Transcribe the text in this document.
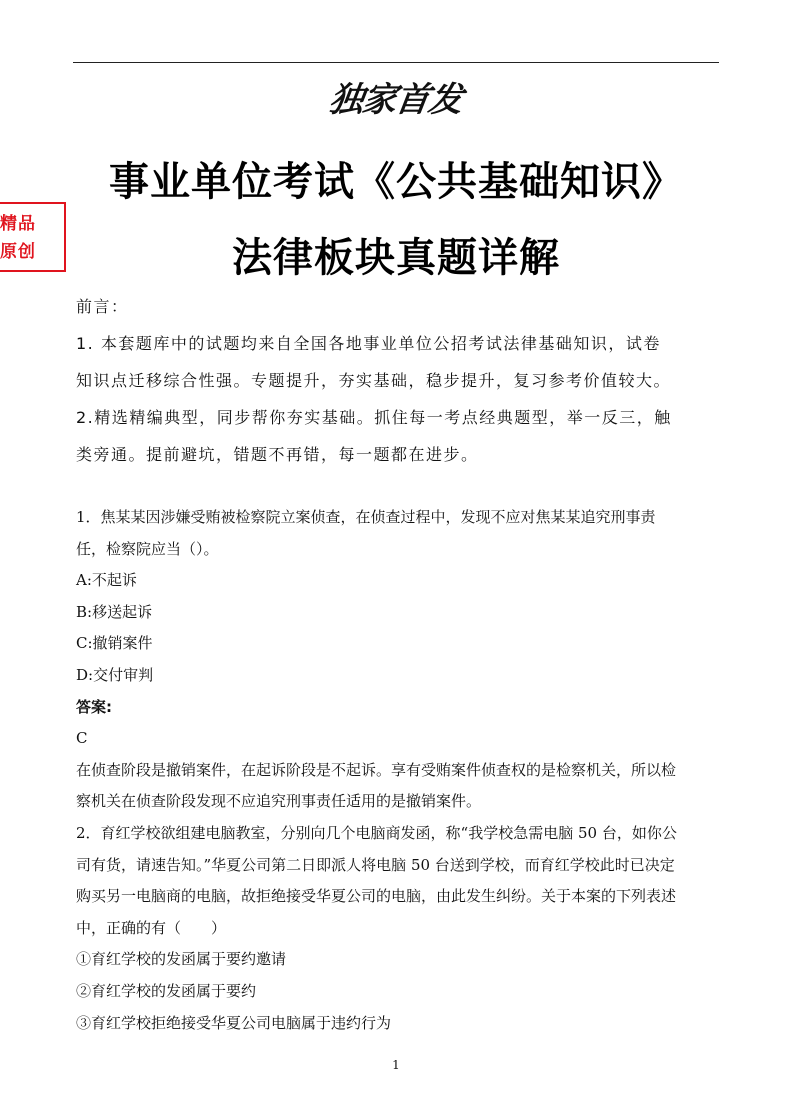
独家首发
事业单位考试《公共基础知识》
法律板块真题详解
精品
原创
前言：
1. 本套题库中的试题均来自全国各地事业单位公招考试法律基础知识，试卷
知识点迁移综合性强。专题提升，夯实基础，稳步提升，复习参考价值较大。
2.精选精编典型，同步帮你夯实基础。抓住每一考点经典题型，举一反三，触
类旁通。提前避坑，错题不再错，每一题都在进步。

1．焦某某因涉嫌受贿被检察院立案侦查，在侦查过程中，发现不应对焦某某追究刑事责

任，检察院应当（）。

A:不起诉

B:移送起诉

C:撤销案件

D:交付审判

答案:

C

在侦查阶段是撤销案件，在起诉阶段是不起诉。享有受贿案件侦查权的是检察机关，所以检

察机关在侦查阶段发现不应追究刑事责任适用的是撤销案件。

2．育红学校欲组建电脑教室，分别向几个电脑商发函，称“我学校急需电脑 50 台，如你公

司有货，请速告知。”华夏公司第二日即派人将电脑 50 台送到学校，而育红学校此时已决定

购买另一电脑商的电脑，故拒绝接受华夏公司的电脑，由此发生纠纷。关于本案的下列表述

中，正确的有（　　）

①育红学校的发函属于要约邀请

②育红学校的发函属于要约

③育红学校拒绝接受华夏公司电脑属于违约行为

1
